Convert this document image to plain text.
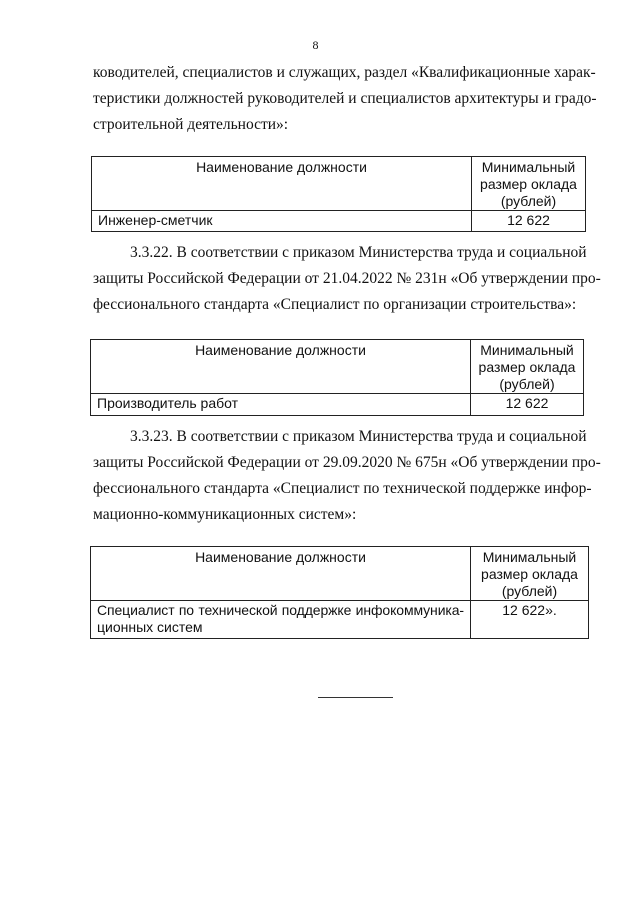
8
ководителей, специалистов и служащих, раздел «Квалификационные харак-
теристики должностей руководителей и специалистов архитектуры и градо-
строительной деятельности»:
Наименование должности	Минимальный
размер оклада
(рублей)

Инженер-сметчик	12 622
3.3.22. В соответствии с приказом Министерства труда и социальной
защиты Российской Федерации от 21.04.2022 № 231н «Об утверждении про-
фессионального стандарта «Специалист по организации строительства»:
Наименование должности	Минимальный
размер оклада
(рублей)

Производитель работ	12 622
3.3.23. В соответствии с приказом Министерства труда и социальной
защиты Российской Федерации от 29.09.2020 № 675н «Об утверждении про-
фессионального стандарта «Специалист по технической поддержке инфор-
мационно-коммуникационных систем»:
Наименование должности	Минимальный
размер оклада
(рублей)

Специалист по технической поддержке инфокоммуника-
ционных систем	12 622».
